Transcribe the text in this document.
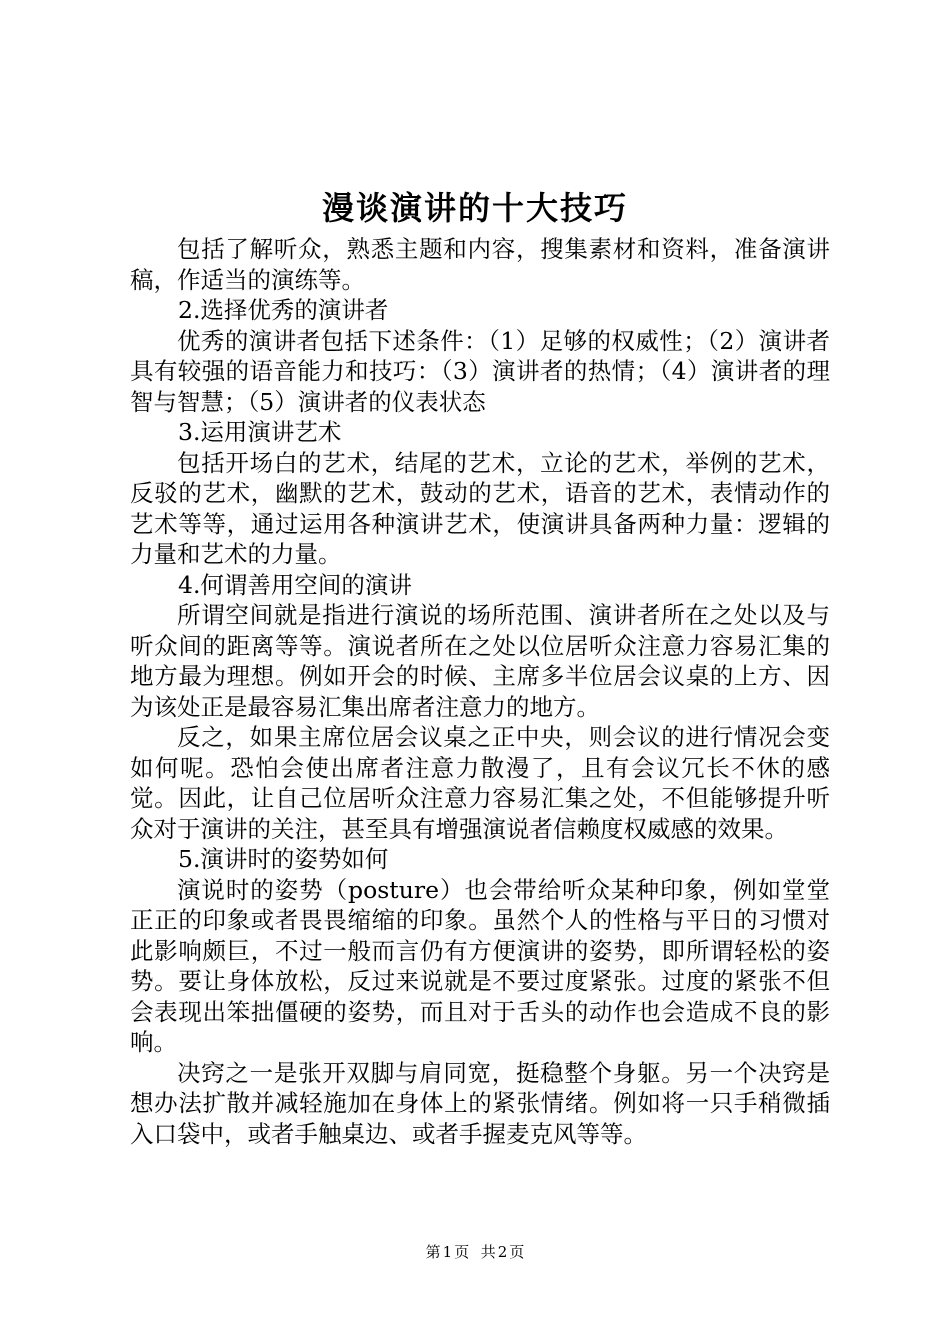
漫谈演讲的十大技巧

包括了解听众，熟悉主题和内容，搜集素材和资料，准备演讲稿，作适当的演练等。

2.选择优秀的演讲者

优秀的演讲者包括下述条件：（1）足够的权威性；（2）演讲者具有较强的语音能力和技巧：（3）演讲者的热情；（4）演讲者的理智与智慧；（5）演讲者的仪表状态

3.运用演讲艺术

包括开场白的艺术，结尾的艺术，立论的艺术，举例的艺术，反驳的艺术，幽默的艺术，鼓动的艺术，语音的艺术，表情动作的艺术等等，通过运用各种演讲艺术，使演讲具备两种力量：逻辑的力量和艺术的力量。

4.何谓善用空间的演讲

所谓空间就是指进行演说的场所范围、演讲者所在之处以及与听众间的距离等等。演说者所在之处以位居听众注意力容易汇集的地方最为理想。例如开会的时候、主席多半位居会议桌的上方、因为该处正是最容易汇集出席者注意力的地方。

反之，如果主席位居会议桌之正中央，则会议的进行情况会变如何呢。恐怕会使出席者注意力散漫了，且有会议冗长不休的感觉。因此，让自己位居听众注意力容易汇集之处，不但能够提升听众对于演讲的关注，甚至具有增强演说者信赖度权威感的效果。

5.演讲时的姿势如何

演说时的姿势（posture）也会带给听众某种印象，例如堂堂正正的印象或者畏畏缩缩的印象。虽然个人的性格与平日的习惯对此影响颇巨，不过一般而言仍有方便演讲的姿势，即所谓轻松的姿势。要让身体放松，反过来说就是不要过度紧张。过度的紧张不但会表现出笨拙僵硬的姿势，而且对于舌头的动作也会造成不良的影响。

决窍之一是张开双脚与肩同宽，挺稳整个身躯。另一个决窍是想办法扩散并减轻施加在身体上的紧张情绪。例如将一只手稍微插入口袋中，或者手触桌边、或者手握麦克风等等。

第 1 页 共 2 页
